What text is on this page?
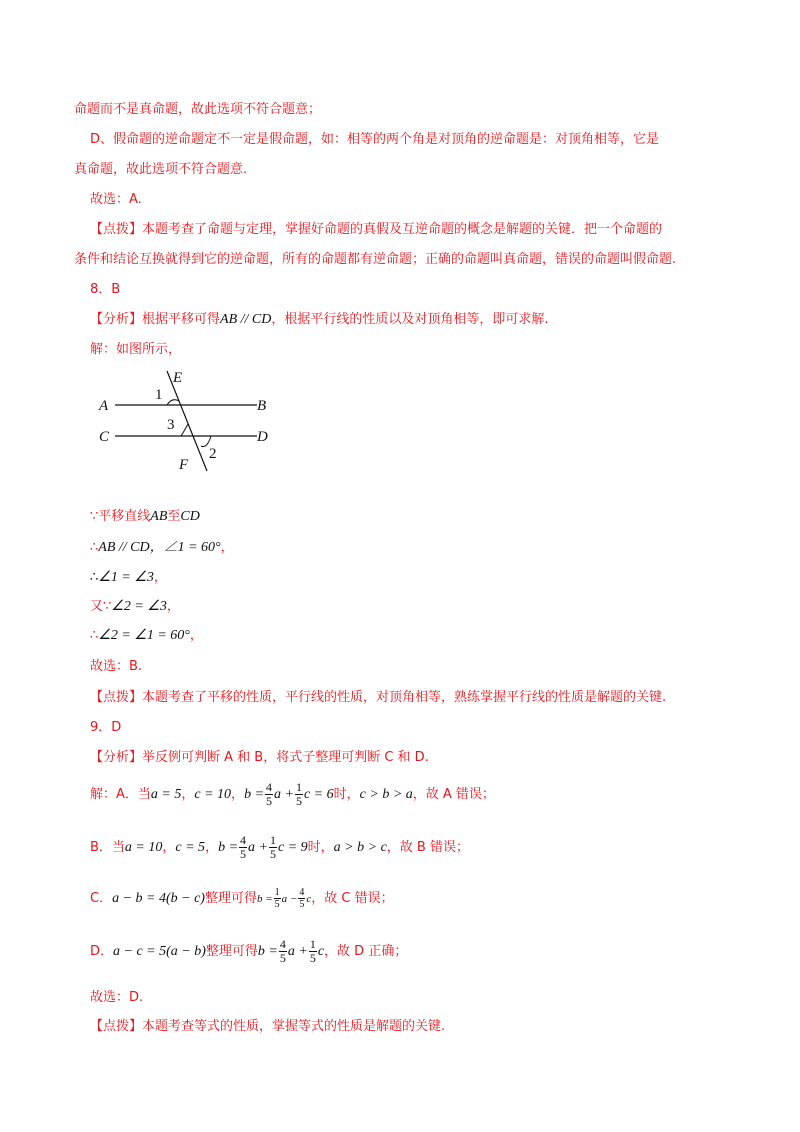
命题而不是真命题，故此选项不符合题意；
D、假命题的逆命题定不一定是假命题，如：相等的两个角是对顶角的逆命题是：对顶角相等，它是
真命题，故此选项不符合题意.
故选：A.
【点拨】本题考查了命题与定理，掌握好命题的真假及互逆命题的概念是解题的关键．把一个命题的
条件和结论互换就得到它的逆命题，所有的命题都有逆命题；正确的命题叫真命题，错误的命题叫假命题.
8．B
【分析】根据平移可得AB // CD，根据平行线的性质以及对顶角相等，即可求解.
解：如图所示，
A	B
C	D
E
F
1
3
2
∵平移直线AB至CD
∴AB // CD，∠1 = 60°，
∴∠1 = ∠3，
又∵∠2 = ∠3，
∴∠2 = ∠1 = 60°，
故选：B.
【点拨】本题考查了平移的性质，平行线的性质，对顶角相等，熟练掌握平行线的性质是解题的关键.
9．D
【分析】举反例可判断 A 和 B，将式子整理可判断 C 和 D.
解：A．当a = 5，c = 10，$b = \frac{4}{5}$ $a + \frac{1}{5}$ c = 6时，c > b > a，故 A 错误；
B．当a = 10，c = 5，$b = \frac{4}{5}$ $a + \frac{1}{5}$ c = 9时，a > b > c，故 B 错误；
C．a − b = 4(b − c)整理可得$b = \frac{1}{5}$ $a - \frac{4}{5}$ c，故 C 错误；
D．a − c = 5(a − b)整理可得$b = \frac{4}{5}$ $a + \frac{1}{5}$ c，故 D 正确；
故选：D.
【点拨】本题考查等式的性质，掌握等式的性质是解题的关键.
